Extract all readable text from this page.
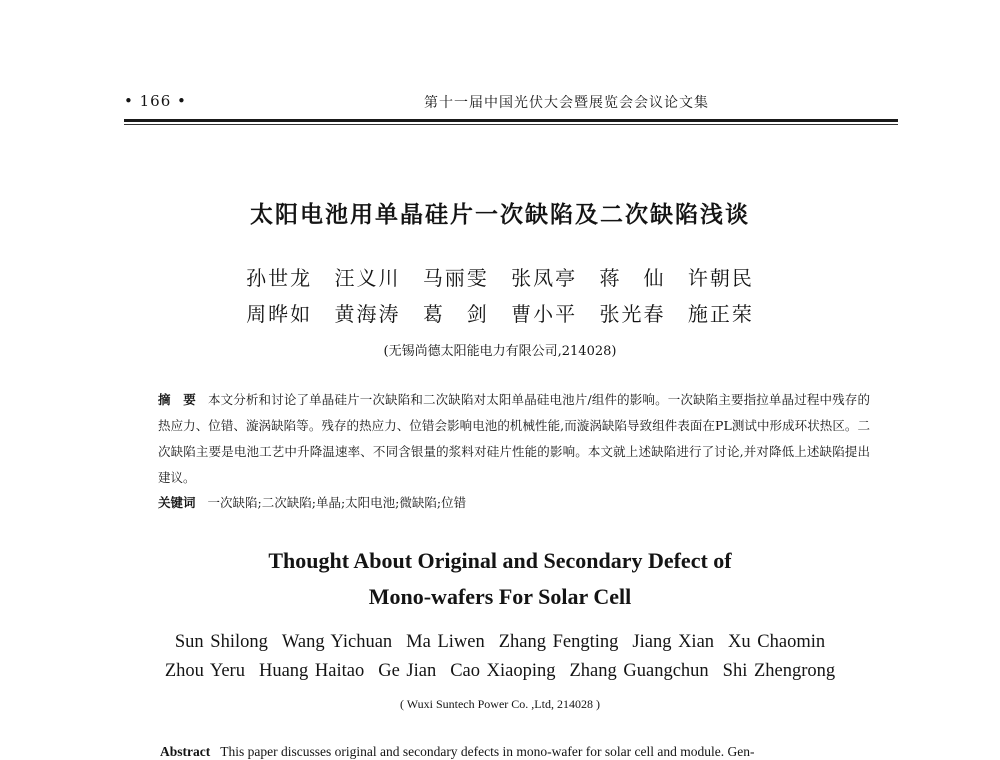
• 166 •	第十一届中国光伏大会暨展览会会议论文集
太阳电池用单晶硅片一次缺陷及二次缺陷浅谈
孙世龙 汪义川 马丽雯 张凤亭 蒋　仙 许朝民
周晔如 黄海涛 葛　剑 曹小平 张光春 施正荣
(无锡尚德太阳能电力有限公司,214028)
摘　要 本文分析和讨论了单晶硅片一次缺陷和二次缺陷对太阳单晶硅电池片/组件的影响。一次缺陷主要指拉单晶过程中残存的热应力、位错、漩涡缺陷等。残存的热应力、位错会影响电池的机械性能,而漩涡缺陷导致组件表面在PL测试中形成环状热区。二次缺陷主要是电池工艺中升降温速率、不同含银量的浆料对硅片性能的影响。本文就上述缺陷进行了讨论,并对降低上述缺陷提出建议。
关键词 一次缺陷;二次缺陷;单晶;太阳电池;微缺陷;位错
Thought About Original and Secondary Defect of
Mono-wafers For Solar Cell
Sun Shilong Wang Yichuan Ma Liwen Zhang Fengting Jiang Xian Xu Chaomin
Zhou Yeru Huang Haitao Ge Jian Cao Xiaoping Zhang Guangchun Shi Zhengrong
( Wuxi Suntech Power Co. ,Ltd, 214028 )
Abstract This paper discusses original and secondary defects in mono-wafer for solar cell and module. Gen-
